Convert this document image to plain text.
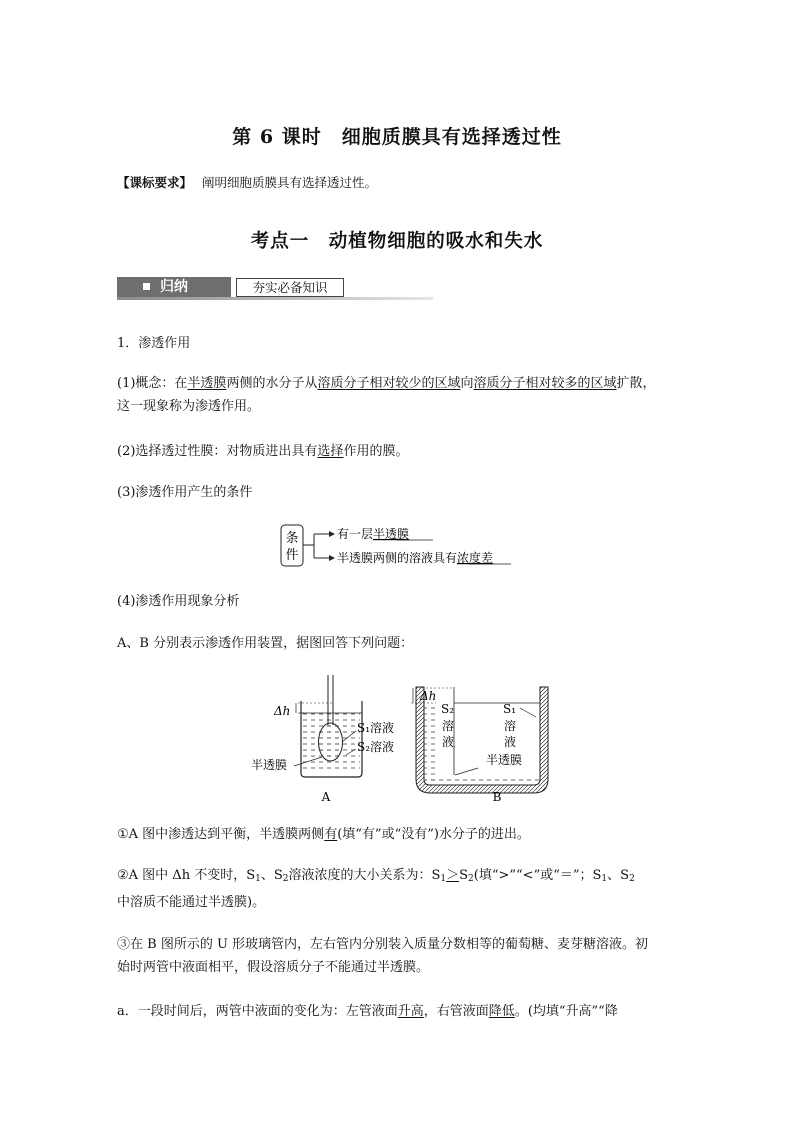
第 6 课时　细胞质膜具有选择透过性
【课标要求】 阐明细胞质膜具有选择透过性。
考点一　动植物细胞的吸水和失水
归纳	夯实必备知识
1．渗透作用
(1)概念：在半透膜两侧的水分子从溶质分子相对较少的区域向溶质分子相对较多的区域扩散，
这一现象称为渗透作用。
(2)选择透过性膜：对物质进出具有选择作用的膜。
(3)渗透作用产生的条件
条
件
有一层半透膜
半透膜两侧的溶液具有浓度差
(4)渗透作用现象分析
A、B 分别表示渗透作用装置，据图回答下列问题：
Δh
S₁溶液
S₂溶液
半透膜
A
Δh
S₂
溶
液
S₁
溶
液
半透膜
B
①A 图中渗透达到平衡，半透膜两侧有(填“有”或“没有”)水分子的进出。
②A 图中 Δh 不变时，$S_1$、$S_2$溶液浓度的大小关系为：$S_1>S_2$(填“>”“<”或“＝”；$S_1$、$S_2$
中溶质不能通过半透膜)。
③在 B 图所示的 U 形玻璃管内，左右管内分别装入质量分数相等的葡萄糖、麦芽糖溶液。初
始时两管中液面相平，假设溶质分子不能通过半透膜。
a．一段时间后，两管中液面的变化为：左管液面升高，右管液面降低。(均填“升高”“降
